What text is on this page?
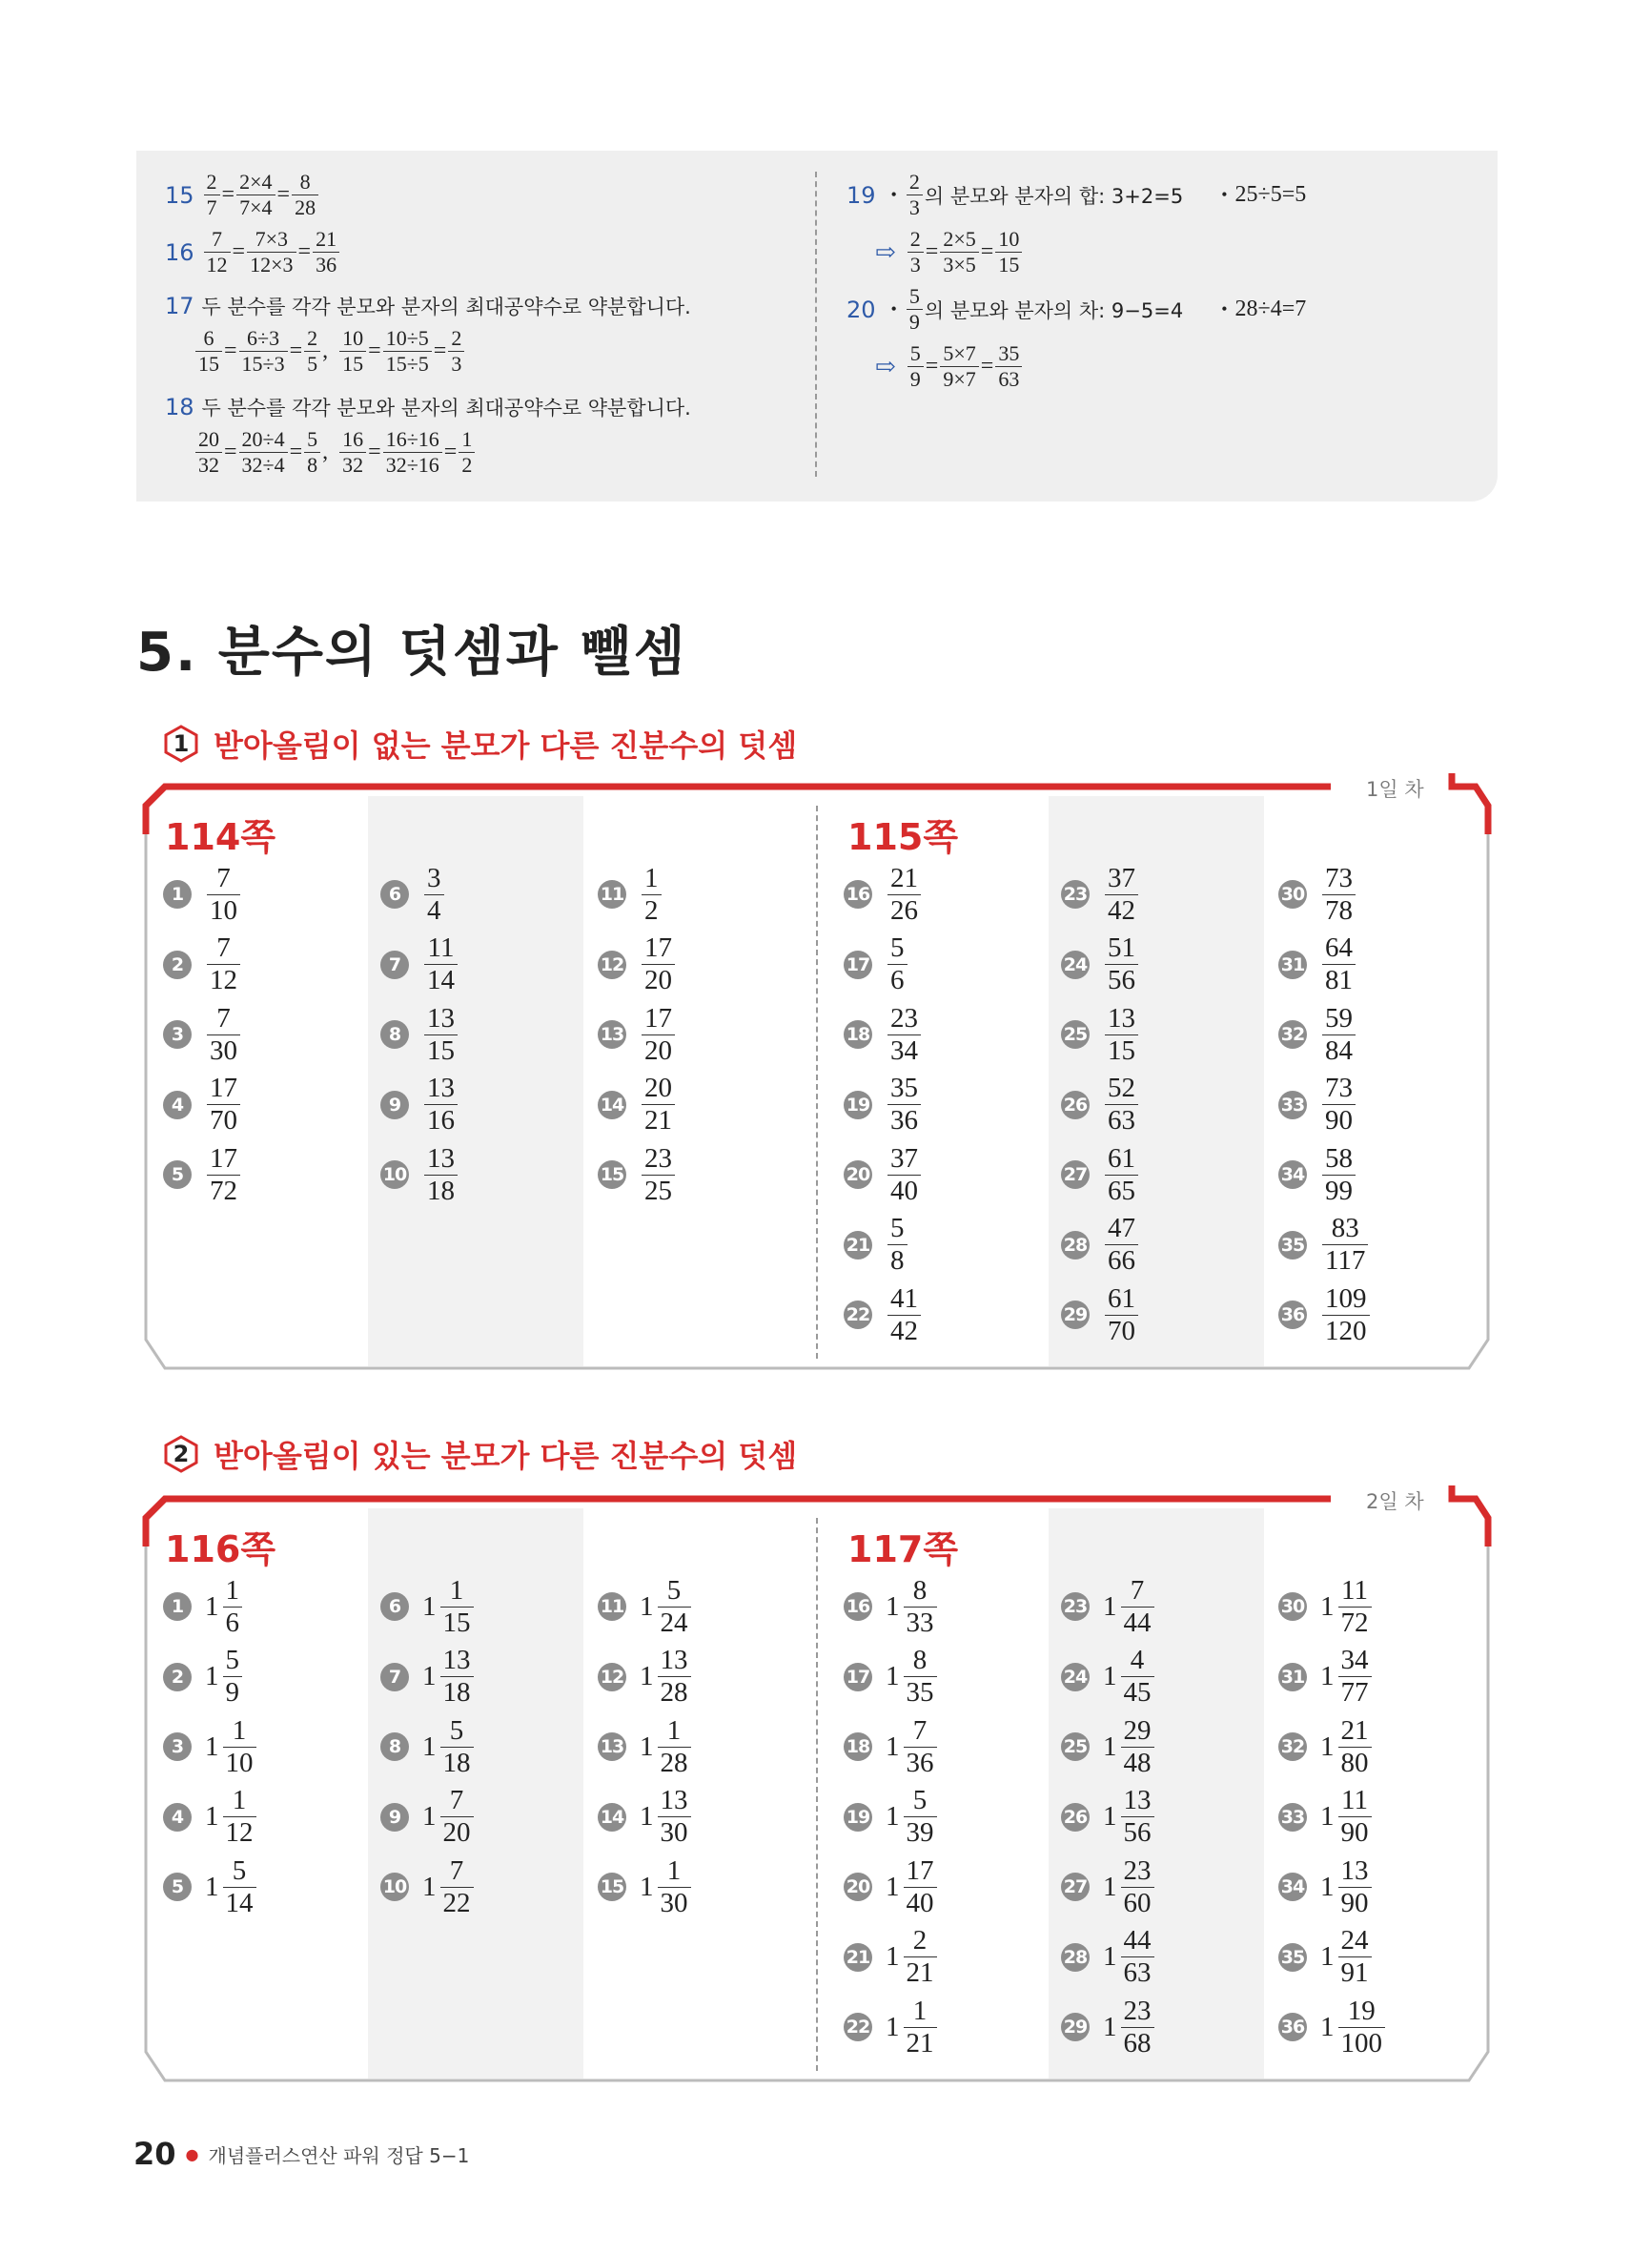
$15 \frac{2}{7} = \frac{2\times 4}{7\times 4} = \frac{8}{28}$
$16 \frac{7}{12} = \frac{7\times 3}{12\times 3} = \frac{21}{36}$
17 두 분수를 각각 분모와 분자의 최대공약수로 약분합니다.
$\frac{6}{15} = \frac{6\div 3}{15\div 3} = \frac{2}{5}$ , $\frac{10}{15} = \frac{10\div 5}{15\div 5} = \frac{2}{3}$
18 두 분수를 각각 분모와 분자의 최대공약수로 약분합니다.
$\frac{20}{32} = \frac{20\div 4}{32\div 4} = \frac{5}{8}$ , $\frac{16}{32} = \frac{16\div 16}{32\div 16} = \frac{1}{2}$
19 •
2
3 의 분모와 분자의 합: 3+2=5 • 25÷5=5
⇨ $\frac{2}{3} = \frac{2\times 5}{3\times 5} = \frac{10}{15}$
20 •
5
9 의 분모와 분자의 차: 9−5=4 • 28÷4=7
⇨ $\frac{5}{9} = \frac{5\times 7}{9\times 7} = \frac{35}{63}$
5. 분수의 덧셈과 뺄셈
1 받아올림이 없는 분모가 다른 진분수의 덧셈
1일 차
114쪽	115쪽
1
7
10
2
7
12
3
7
30
4
17
70
5
17
72
6
3
4
7
11
14
8
13
15
9
13
16
10
13
18
11
1
2
12
17
20
13
17
20
14
20
21
15
23
25
16
21
26
17
5
6
18
23
34
19
35
36
20
37
40
21
5
8
22
41
42
23
37
42
24
51
56
25
13
15
26
52
63
27
61
65
28
47
66
29
61
70
30
73
78
31
64
81
32
59
84
33
73
90
34
58
99
35
83
117
36
109
120
2 받아올림이 있는 분모가 다른 진분수의 덧셈
2일 차
116쪽	117쪽
1 1
1
6
2 1
5
9
3 1
1
10
4 1
1
12
5 1
5
14
6 1
1
15
7 1
13
18
8 1
5
18
9 1
7
20
10 1
7
22
11 1
5
24
12 1
13
28
13 1
1
28
14 1
13
30
15 1
1
30
16 1
8
33
17 1
8
35
18 1
7
36
19 1
5
39
20 1
17
40
21 1
2
21
22 1
1
21
23 1
7
44
24 1
4
45
25 1
29
48
26 1
13
56
27 1
23
60
28 1
44
63
29 1
23
68
30 1
11
72
31 1
34
77
32 1
21
80
33 1
11
90
34 1
13
90
35 1
24
91
36 1
19
100
20 ● 개념플러스연산 파워 정답 5−1
